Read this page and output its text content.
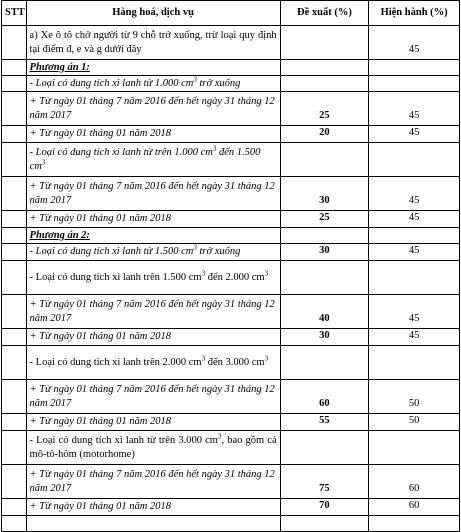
STT	Hàng hoá, dịch vụ	Đề xuất (%)	Hiện hành (%)
	a) Xe ô tô chở người từ 9 chỗ trở xuống, trừ loại quy định tại điểm đ, e và g dưới đây		45
	Phương án 1:		
	- Loại có dung tích xi lanh từ 1.000 $cm^3$ trở xuống		
	+ Từ ngày 01 tháng 7 năm 2016 đến hết ngày 31 tháng 12 năm 2017	25	45
	+ Từ ngày 01 tháng 01 năm 2018	20	45
	- Loại có dung tích xi lanh từ trên 1.000 $cm^3$ đến 1.500 $cm^3$		
	+ Từ ngày 01 tháng 7 năm 2016 đến hết ngày 31 tháng 12 năm 2017	30	45
	+ Từ ngày 01 tháng 01 năm 2018	25	45
	Phương án 2:		
	- Loại có dung tích xi lanh từ 1.500 $cm^3$ trở xuống	30	45
	- Loại có dung tích xi lanh trên 1.500 $cm^3$ đến 2.000 $cm^3$		
	+ Từ ngày 01 tháng 7 năm 2016 đến hết ngày 31 tháng 12 năm 2017	40	45
	+ Từ ngày 01 tháng 01 năm 2018	30	45
	- Loại có dung tích xi lanh trên 2.000 $cm^3$ đến 3.000 $cm^3$		
	+ Từ ngày 01 tháng 7 năm 2016 đến hết ngày 31 tháng 12 năm 2017	60	50
	+ Từ ngày 01 tháng 01 năm 2018	55	50
	- Loại có dung tích xi lanh từ trên 3.000 $cm^3$, bao gồm cả mô-tô-hôm (motorhome)		
	+ Từ ngày 01 tháng 7 năm 2016 đến hết ngày 31 tháng 12 năm 2017	75	60
	+ Từ ngày 01 tháng 01 năm 2018	70	60
